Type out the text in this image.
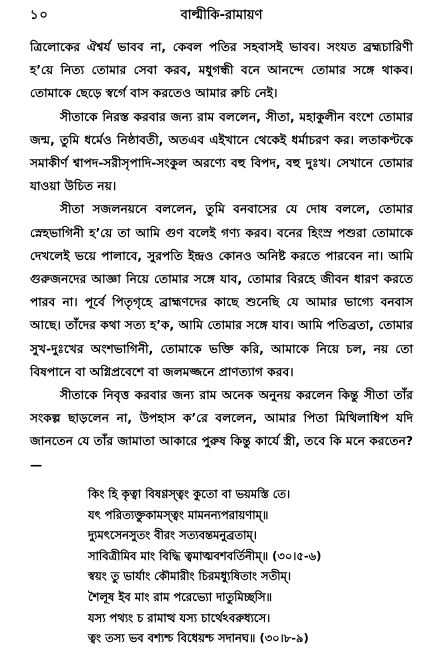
১০	বাল্মীকি-রামায়ণ

ত্রিলোকের ঐশ্বর্য ভাবব না, কেবল পতির সহবাসই ভাবব। সংযত ব্রহ্মচারিণী হ’য়ে নিত্য তোমার সেবা করব, মধুগন্ধী বনে আনন্দে তোমার সঙ্গে থাকব। তোমাকে ছেড়ে স্বর্গে বাস করতেও আমার রুচি নেই।

সীতাকে নিরস্ত করবার জন্য রাম বললেন, সীতা, মহাকুলীন বংশে তোমার জন্ম, তুমি ধর্মেও নিষ্ঠাবতী, অতএব এইখানে থেকেই ধর্মাচরণ কর। লতাকণ্টকে সমাকীর্ণ শ্বাপদ-সরীসৃপাদি-সংকুল অরণ্যে বহু বিপদ, বহু দুঃখ। সেখানে তোমার যাওয়া উচিত নয়।

সীতা সজলনয়নে বললেন, তুমি বনবাসের যে দোষ বললে, তোমার স্নেহভাগিনী হ’য়ে তা আমি গুণ বলেই গণ্য করব। বনের হিংস্র পশুরা তোমাকে দেখলেই ভয়ে পালাবে, সুরপতি ইন্দ্রও কোনও অনিষ্ট করতে পারবেন না। আমি গুরুজনদের আজ্ঞা নিয়ে তোমার সঙ্গে যাব, তোমার বিরহে জীবন ধারণ করতে পারব না। পূর্বে পিতৃগৃহে ব্রাহ্মণদের কাছে শুনেছি যে আমার ভাগ্যে বনবাস আছে। তাঁদের কথা সত্য হ’ক, আমি তোমার সঙ্গে যাব। আমি পতিব্রতা, তোমার সুখ-দুঃখের অংশভাগিনী, তোমাকে ভক্তি করি, আমাকে নিয়ে চল, নয় তো বিষপানে বা অগ্নিপ্রবেশে বা জলমজ্জনে প্রাণত্যাগ করব।

সীতাকে নিবৃত্ত করবার জন্য রাম অনেক অনুনয় করলেন কিন্তু সীতা তাঁর সংকল্প ছাড়লেন না, উপহাস ক’রে বললেন, আমার পিতা মিথিলাধিপ যদি জানতেন যে তাঁর জামাতা আকারে পুরুষ কিন্তু কার্যে স্ত্রী, তবে কি মনে করতেন?—

কিং হি কৃত্বা বিষণ্ণস্ত্বং কুতো বা ভয়মস্তি তে।
যৎ পরিত্যক্তুকামস্ত্বং মামনন্যপরায়ণাম্‌॥
দ্যুমৎসেনসুতং বীরং সত্যবন্তমনুব্রতাম্‌।
সাবিত্রীমিব মাং বিদ্ধি ত্বমাত্মবশবর্তিনীম্‌॥ (৩০।৫-৬)
স্বয়ং তু ভার্যাং কৌমারীং চিরমধ্যুষিতাং সতীম্‌।
শৈলূষ ইব মাং রাম পরেভ্যো দাতুমিচ্ছসি॥
যস্য পথ্যং চ রামাত্থ যস্য চার্থেঽবরুধ্যসে।
ত্বং তস্য ভব বশ্যশ্চ বিধেয়শ্চ সদানঘ॥ (৩০।৮-৯)
